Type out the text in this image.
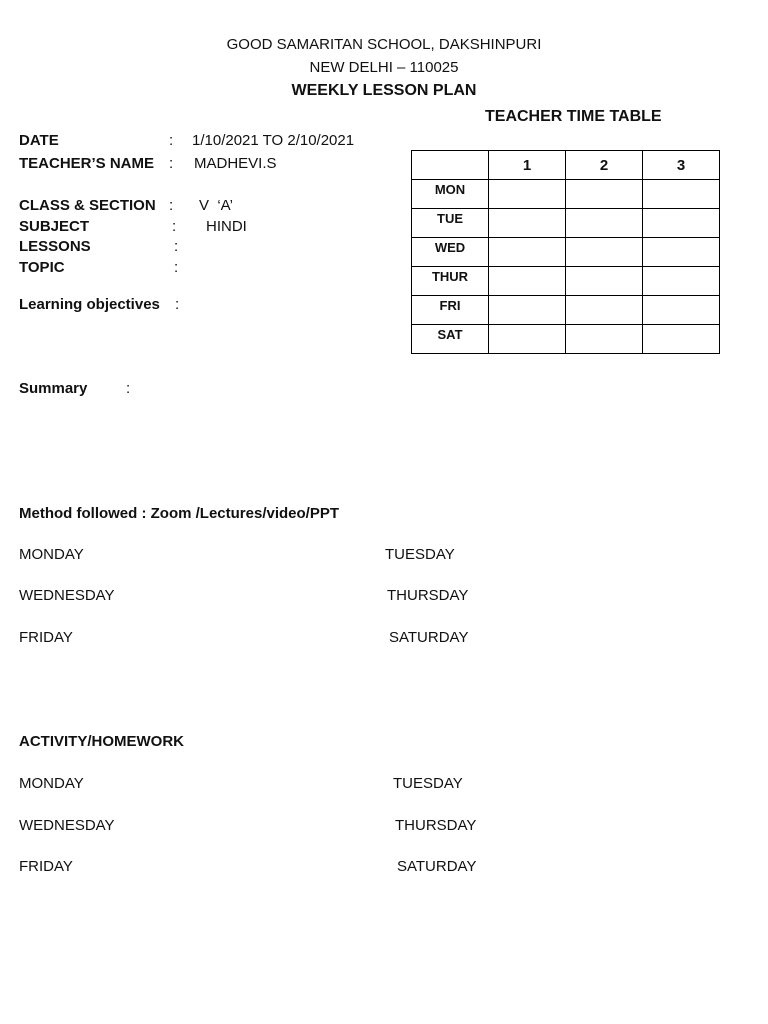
GOOD SAMARITAN SCHOOL, DAKSHINPURI
NEW DELHI – 110025
WEEKLY LESSON PLAN
DATE	: 1/10/2021 TO 2/10/2021
TEACHER’S NAME : MADHEVI.S
CLASS & SECTION : V  ‘A’
SUBJECT	: HINDI
LESSONS	:
TOPIC	:
Learning objectives :
Summary	:
TEACHER TIME TABLE
	1	2	3
MON			
TUE			
WED			
THUR			
FRI			
SAT			
Method followed : Zoom /Lectures/video/PPT
MONDAY	TUESDAY
WEDNESDAY	THURSDAY
FRIDAY	SATURDAY
ACTIVITY/HOMEWORK
MONDAY	TUESDAY
WEDNESDAY	THURSDAY
FRIDAY	SATURDAY
